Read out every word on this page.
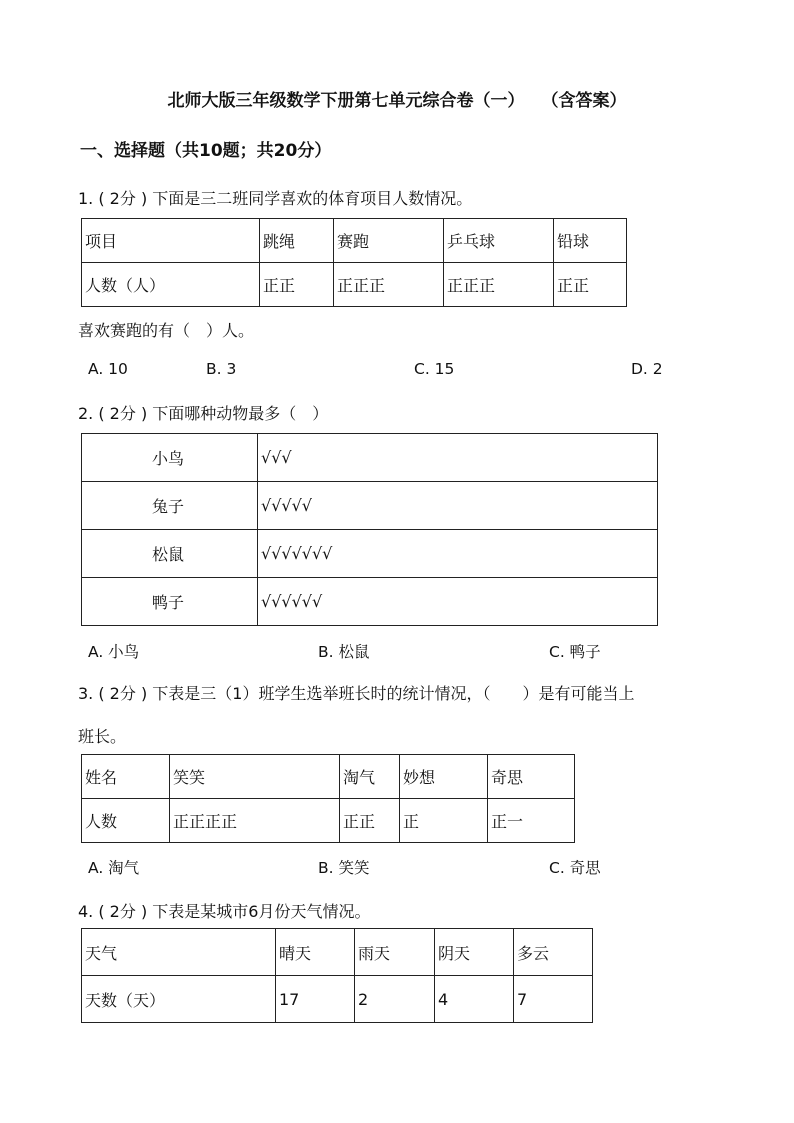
北师大版三年级数学下册第七单元综合卷（一）　　（含答案）
一、选择题（共10题；共20分）
1. ( 2分 ) 下面是三二班同学喜欢的体育项目人数情况。
项目	跳绳	赛跑	乒乓球	铅球
人数（人）	正正	正正正	正正正	正正
喜欢赛跑的有（　）人。
A. 10	B. 3	C. 15	D. 2
2. ( 2分 ) 下面哪种动物最多（　）
小鸟	√√√
兔子	√√√√√
松鼠	√√√√√√√
鸭子	√√√√√√
A. 小鸟	B. 松鼠	C. 鸭子
3. ( 2分 ) 下表是三（1）班学生选举班长时的统计情况，（　　）是有可能当上
班长。
姓名	笑笑	淘气	妙想	奇思
人数	正正正正	正正	正	正一
A. 淘气	B. 笑笑	C. 奇思
4. ( 2分 ) 下表是某城市6月份天气情况。
天气	晴天	雨天	阴天	多云
天数（天）	17	2	4	7
